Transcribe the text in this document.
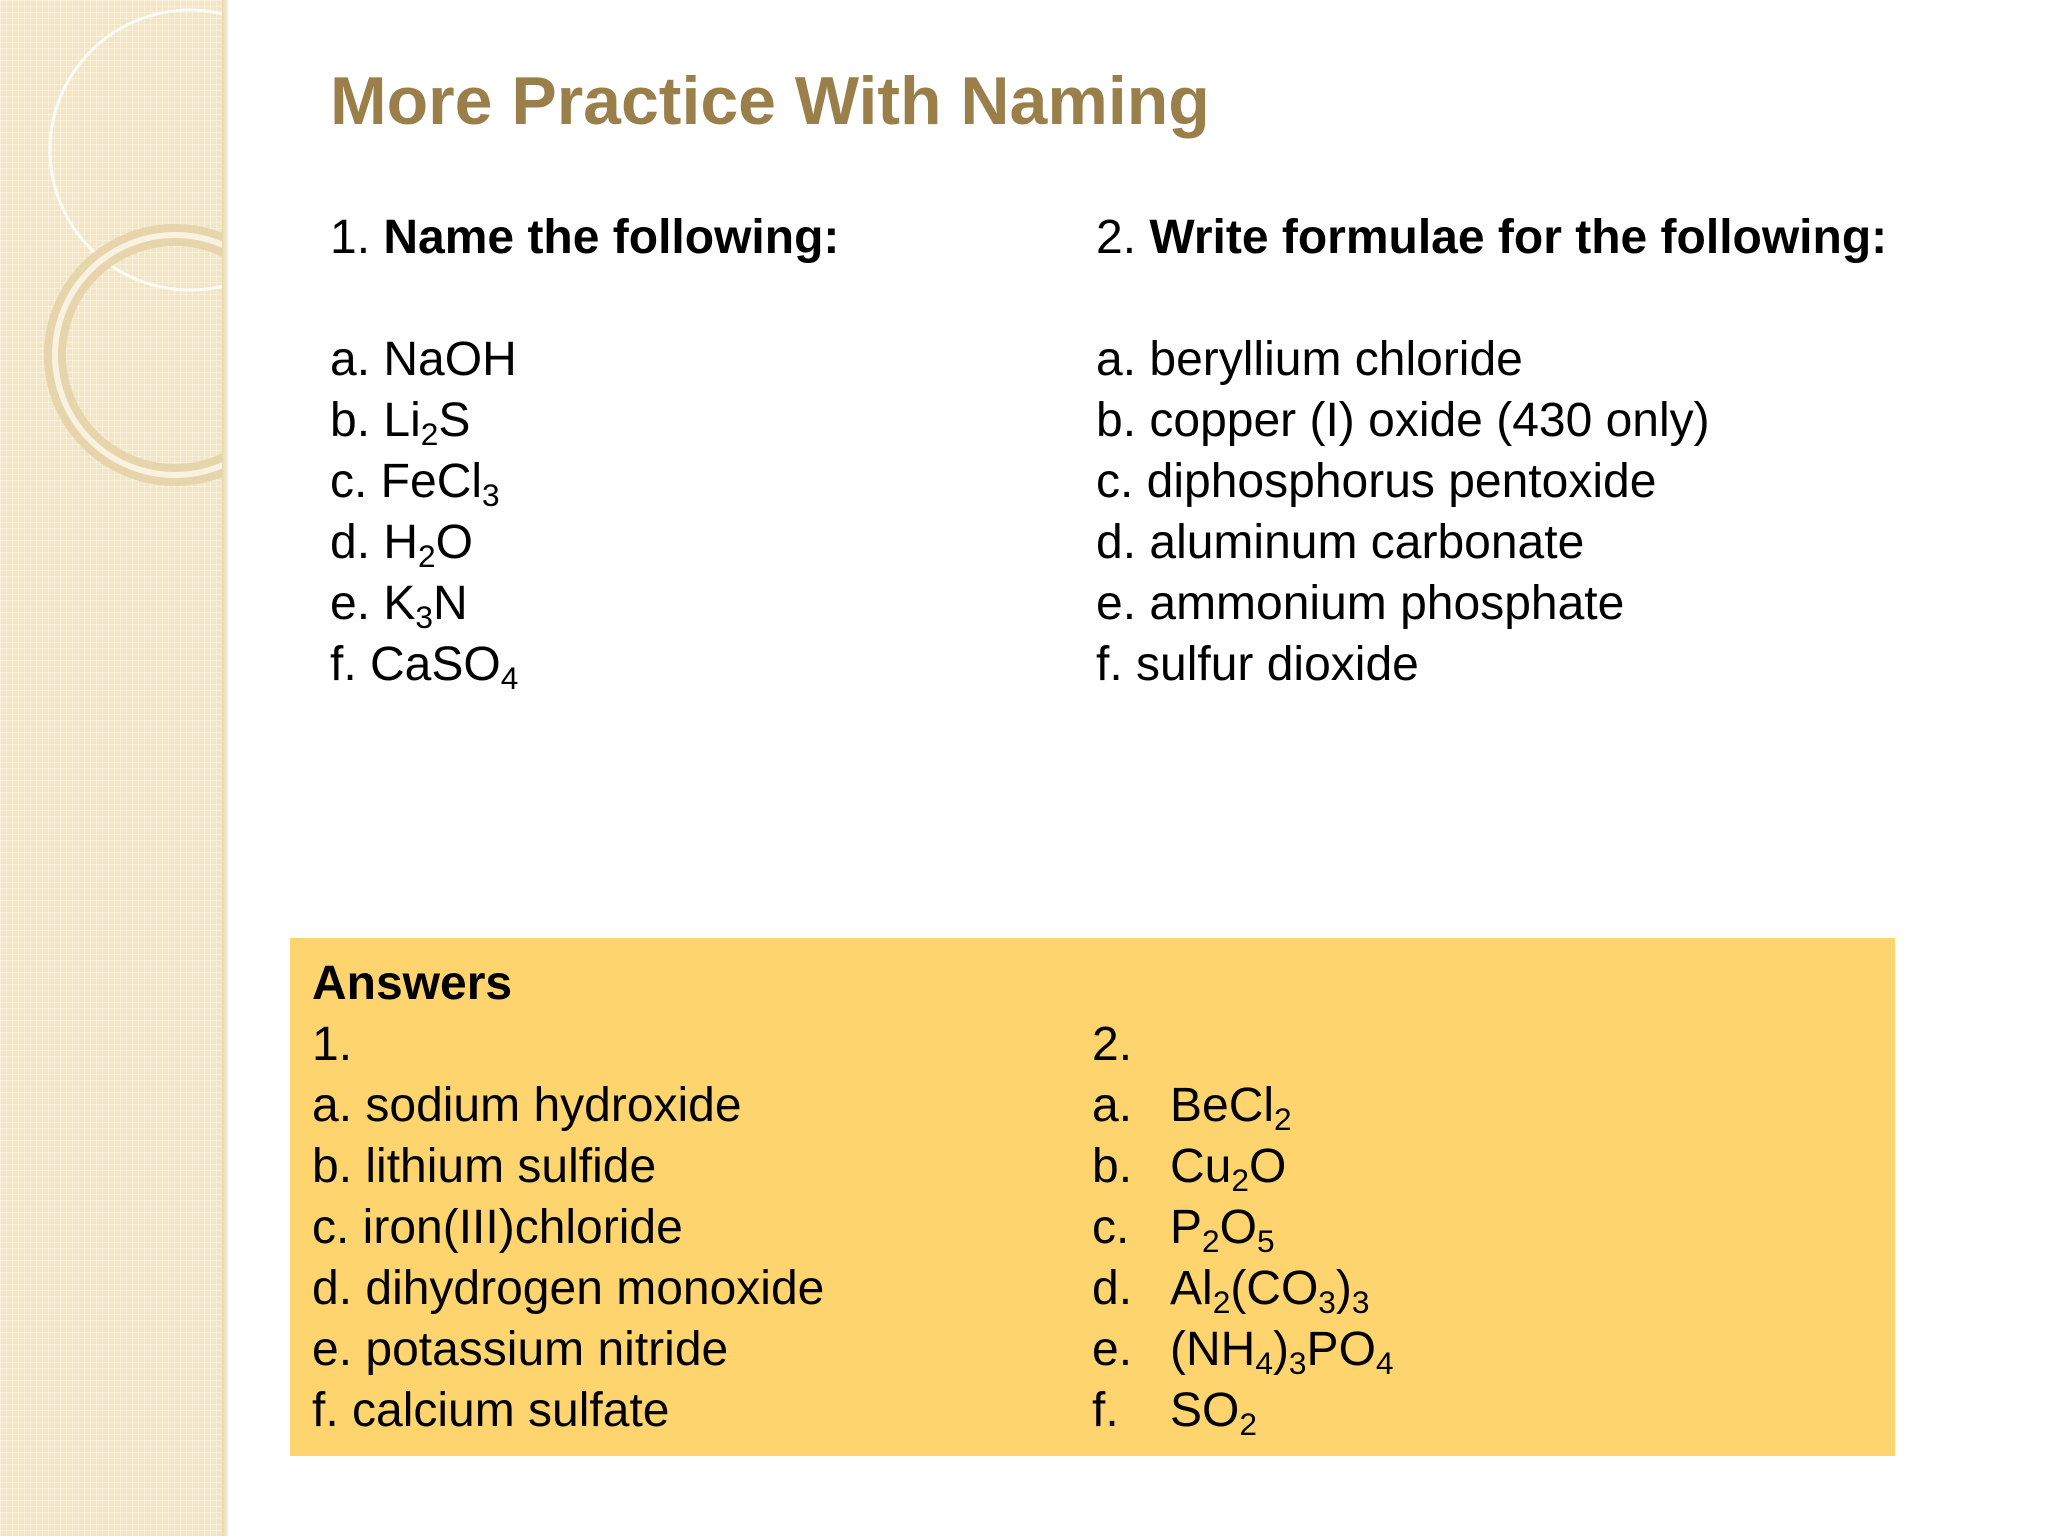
More Practice With Naming
1. Name the following:
a. NaOH
b. $Li_2S$
c. FeCl$_3$
d. $H_2O$
e. $K_3N$
f. CaSO$_4$
2. Write formulae for the following:
a. beryllium chloride
b. copper (I) oxide (430 only)
c. diphosphorus pentoxide
d. aluminum carbonate
e. ammonium phosphate
f. sulfur dioxide
Answers
1.
a. sodium hydroxide
b. lithium sulfide
c. iron(III)chloride
d. dihydrogen monoxide
e. potassium nitride
f. calcium sulfate
2.
a. BeCl$_2$
b. $Cu_2O$
c. $P_2O_5$
d. $Al_2(CO_3)_3$
e. $(NH_4)_3PO_4$
f.	$SO_2$
